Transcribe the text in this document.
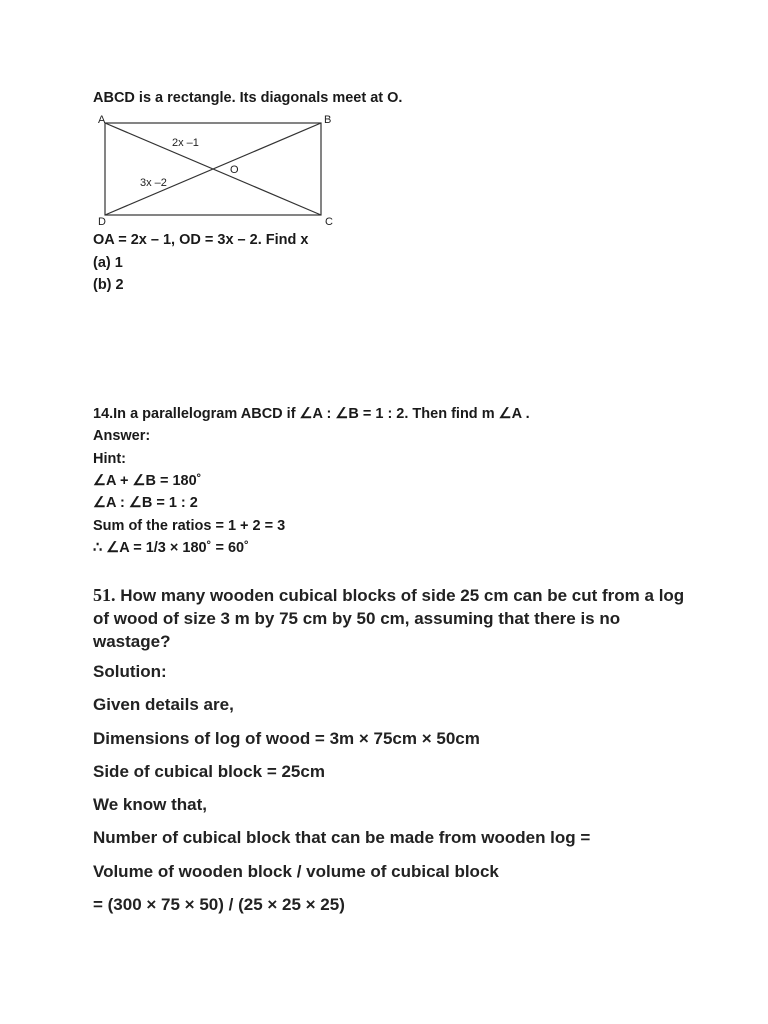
ABCD is a rectangle. Its diagonals meet at O.
A	B
C
D
O
2x –1
3x –2
OA = 2x – 1, OD = 3x – 2. Find x
(a) 1
(b) 2
14.In a parallelogram ABCD if ∠A : ∠B = 1 : 2. Then find m ∠A .
Answer:
Hint:
∠A + ∠B = 180˚
∠A : ∠B = 1 : 2
Sum of the ratios = 1 + 2 = 3
∴ ∠A = 1/3 × 180˚ = 60˚
51. How many wooden cubical blocks of side 25 cm can be cut from a log of wood of size 3 m by 75 cm by 50 cm, assuming that there is no wastage?
Solution:
Given details are,
Dimensions of log of wood = 3m × 75cm × 50cm
Side of cubical block = 25cm
We know that,
Number of cubical block that can be made from wooden log =
Volume of wooden block / volume of cubical block
= (300 × 75 × 50) / (25 × 25 × 25)
